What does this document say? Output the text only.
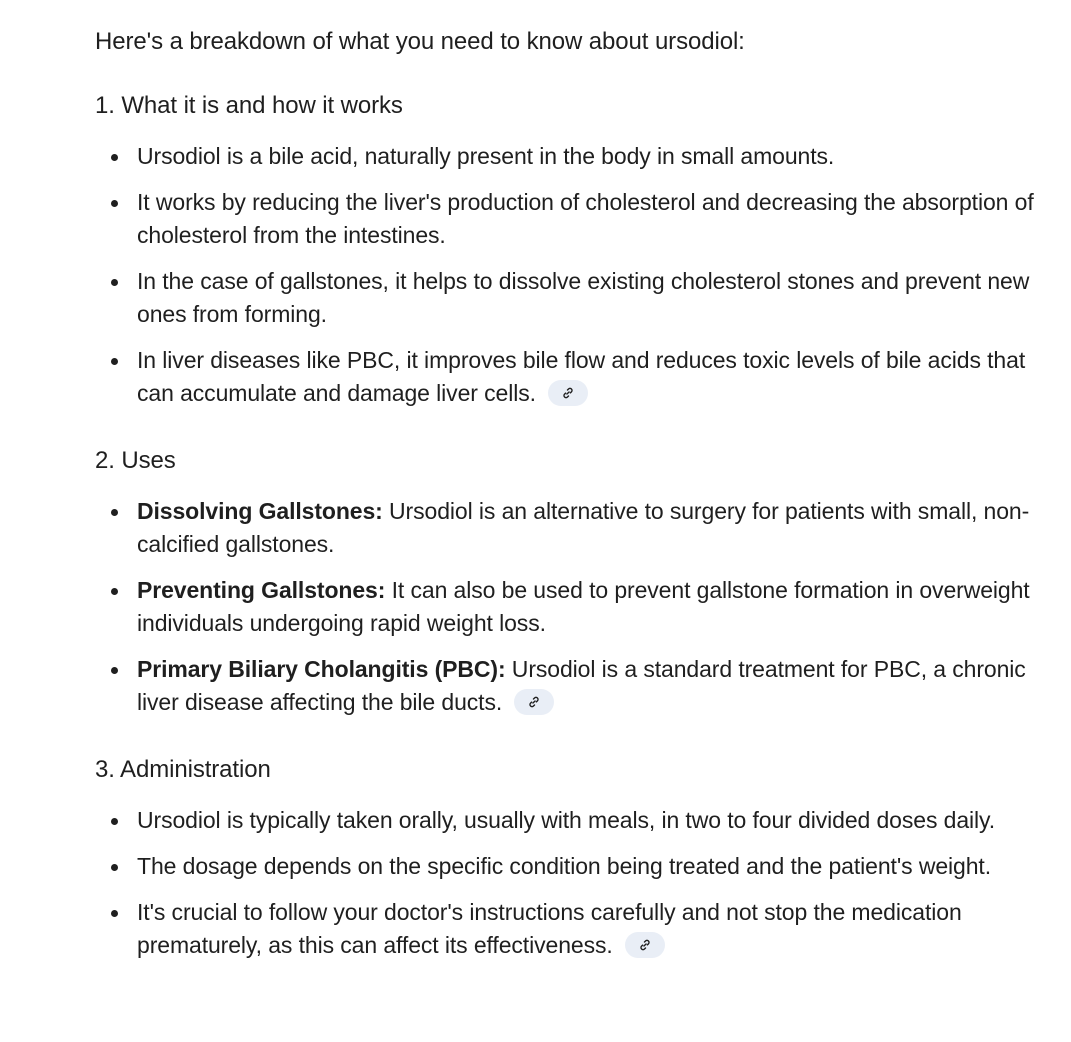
Here's a breakdown of what you need to know about ursodiol:

1. What it is and how it works
Ursodiol is a bile acid, naturally present in the body in small amounts.
It works by reducing the liver's production of cholesterol and decreasing the absorption of cholesterol from the intestines.
In the case of gallstones, it helps to dissolve existing cholesterol stones and prevent new ones from forming.
In liver diseases like PBC, it improves bile flow and reduces toxic levels of bile acids that can accumulate and damage liver cells.
2. Uses
Dissolving Gallstones: Ursodiol is an alternative to surgery for patients with small, non-calcified gallstones.
Preventing Gallstones: It can also be used to prevent gallstone formation in overweight individuals undergoing rapid weight loss.
Primary Biliary Cholangitis (PBC): Ursodiol is a standard treatment for PBC, a chronic liver disease affecting the bile ducts.
3. Administration
Ursodiol is typically taken orally, usually with meals, in two to four divided doses daily.
The dosage depends on the specific condition being treated and the patient's weight.
It's crucial to follow your doctor's instructions carefully and not stop the medication prematurely, as this can affect its effectiveness.
